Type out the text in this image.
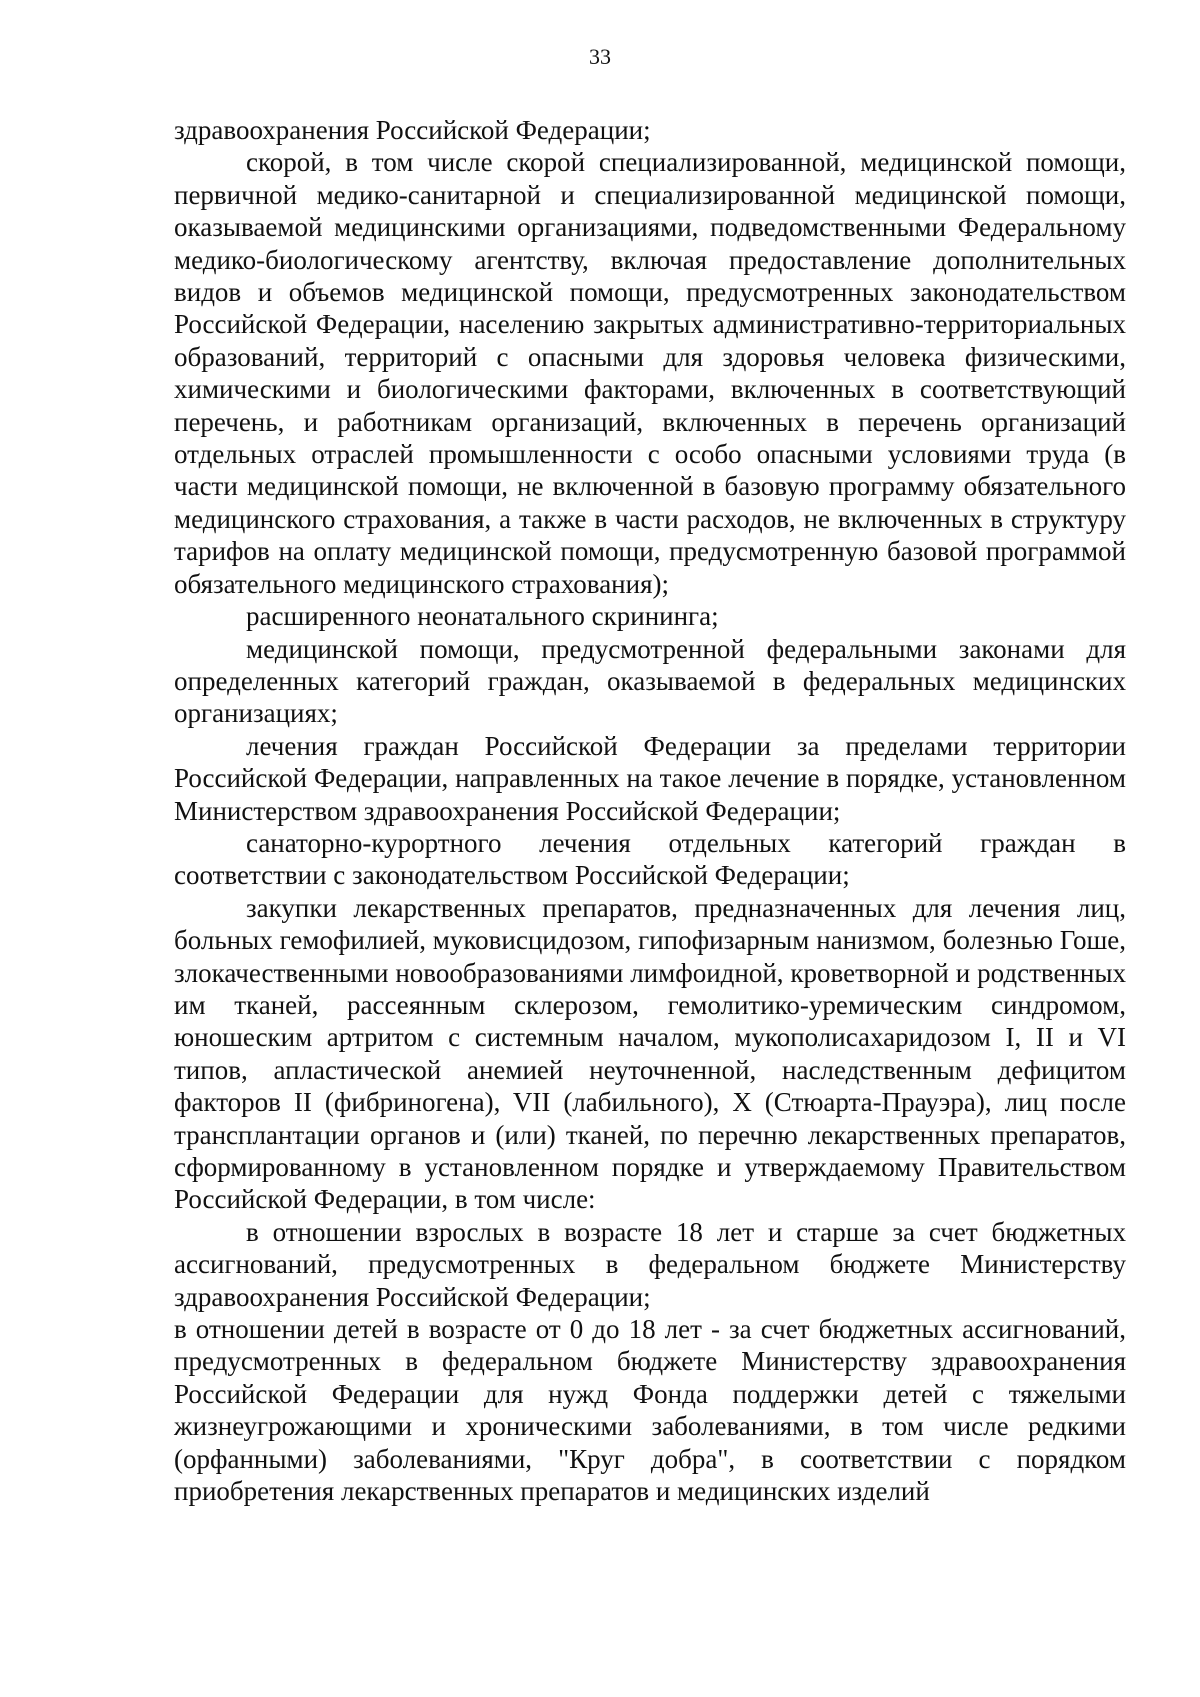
33

здравоохранения Российской Федерации;

скорой, в том числе скорой специализированной, медицинской помощи, первичной медико-санитарной и специализированной медицинской помощи, оказываемой медицинскими организациями, подведомственными Федеральному медико-биологическому агентству, включая предоставление дополнительных видов и объемов медицинской помощи, предусмотренных законодательством Российской Федерации, населению закрытых административно-территориальных образований, территорий с опасными для здоровья человека физическими, химическими и биологическими факторами, включенных в соответствующий перечень, и работникам организаций, включенных в перечень организаций отдельных отраслей промышленности с особо опасными условиями труда (в части медицинской помощи, не включенной в базовую программу обязательного медицинского страхования, а также в части расходов, не включенных в структуру тарифов на оплату медицинской помощи, предусмотренную базовой программой обязательного медицинского страхования);

расширенного неонатального скрининга;

медицинской помощи, предусмотренной федеральными законами для определенных категорий граждан, оказываемой в федеральных медицинских организациях;

лечения граждан Российской Федерации за пределами территории Российской Федерации, направленных на такое лечение в порядке, установленном Министерством здравоохранения Российской Федерации;

санаторно-курортного лечения отдельных категорий граждан в соответствии с законодательством Российской Федерации;

закупки лекарственных препаратов, предназначенных для лечения лиц, больных гемофилией, муковисцидозом, гипофизарным нанизмом, болезнью Гоше, злокачественными новообразованиями лимфоидной, кроветворной и родственных им тканей, рассеянным склерозом, гемолитико-уремическим синдромом, юношеским артритом с системным началом, мукополисахаридозом I, II и VI типов, апластической анемией неуточненной, наследственным дефицитом факторов II (фибриногена), VII (лабильного), X (Стюарта-Прауэра), лиц после трансплантации органов и (или) тканей, по перечню лекарственных препаратов, сформированному в установленном порядке и утверждаемому Правительством Российской Федерации, в том числе:

в отношении взрослых в возрасте 18 лет и старше за счет бюджетных ассигнований, предусмотренных в федеральном бюджете Министерству здравоохранения Российской Федерации;

в отношении детей в возрасте от 0 до 18 лет - за счет бюджетных ассигнований, предусмотренных в федеральном бюджете Министерству здравоохранения Российской Федерации для нужд Фонда поддержки детей с тяжелыми жизнеугрожающими и хроническими заболеваниями, в том числе редкими (орфанными) заболеваниями, "Круг добра", в соответствии с порядком приобретения лекарственных препаратов и медицинских изделий
